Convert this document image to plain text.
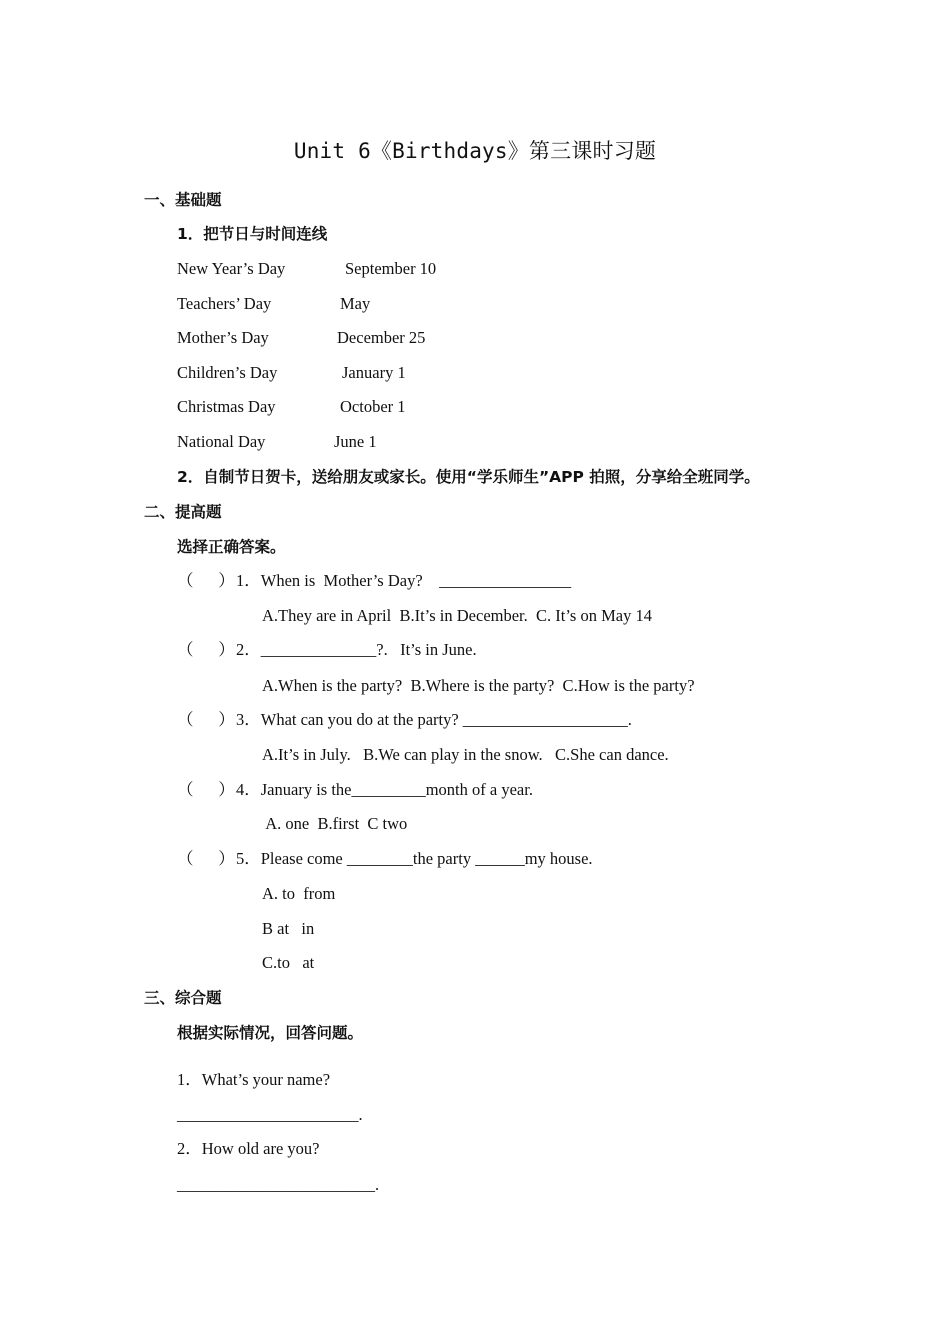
Unit 6《Birthdays》第三课时习题
一、基础题
1．把节日与时间连线
New Year’s Day	September 10
Teachers’ Day	May
Mother’s Day	December 25
Children’s Day	January 1
Christmas Day	October 1
National Day	June 1
2．自制节日贺卡，送给朋友或家长。使用“学乐师生”APP 拍照，分享给全班同学。
二、提高题
选择正确答案。
（      ） 1．When is  Mother’s Day?    ________________
A.They are in April  B.It’s in December.  C. It’s on May 14
（      ） 2．______________?.   It’s in June.
A.When is the party?  B.Where is the party?  C.How is the party?
（      ） 3．What can you do at the party? ____________________.
A.It’s in July.   B.We can play in the snow.   C.She can dance.
（      ） 4．January is the_________month of a year.
A. one  B.first  C two
（      ） 5．Please come ________the party ______my house.
A. to  from
B at   in
C.to   at
三、综合题
根据实际情况，回答问题。
1．What’s your name?
______________________.
2．How old are you?
________________________.
